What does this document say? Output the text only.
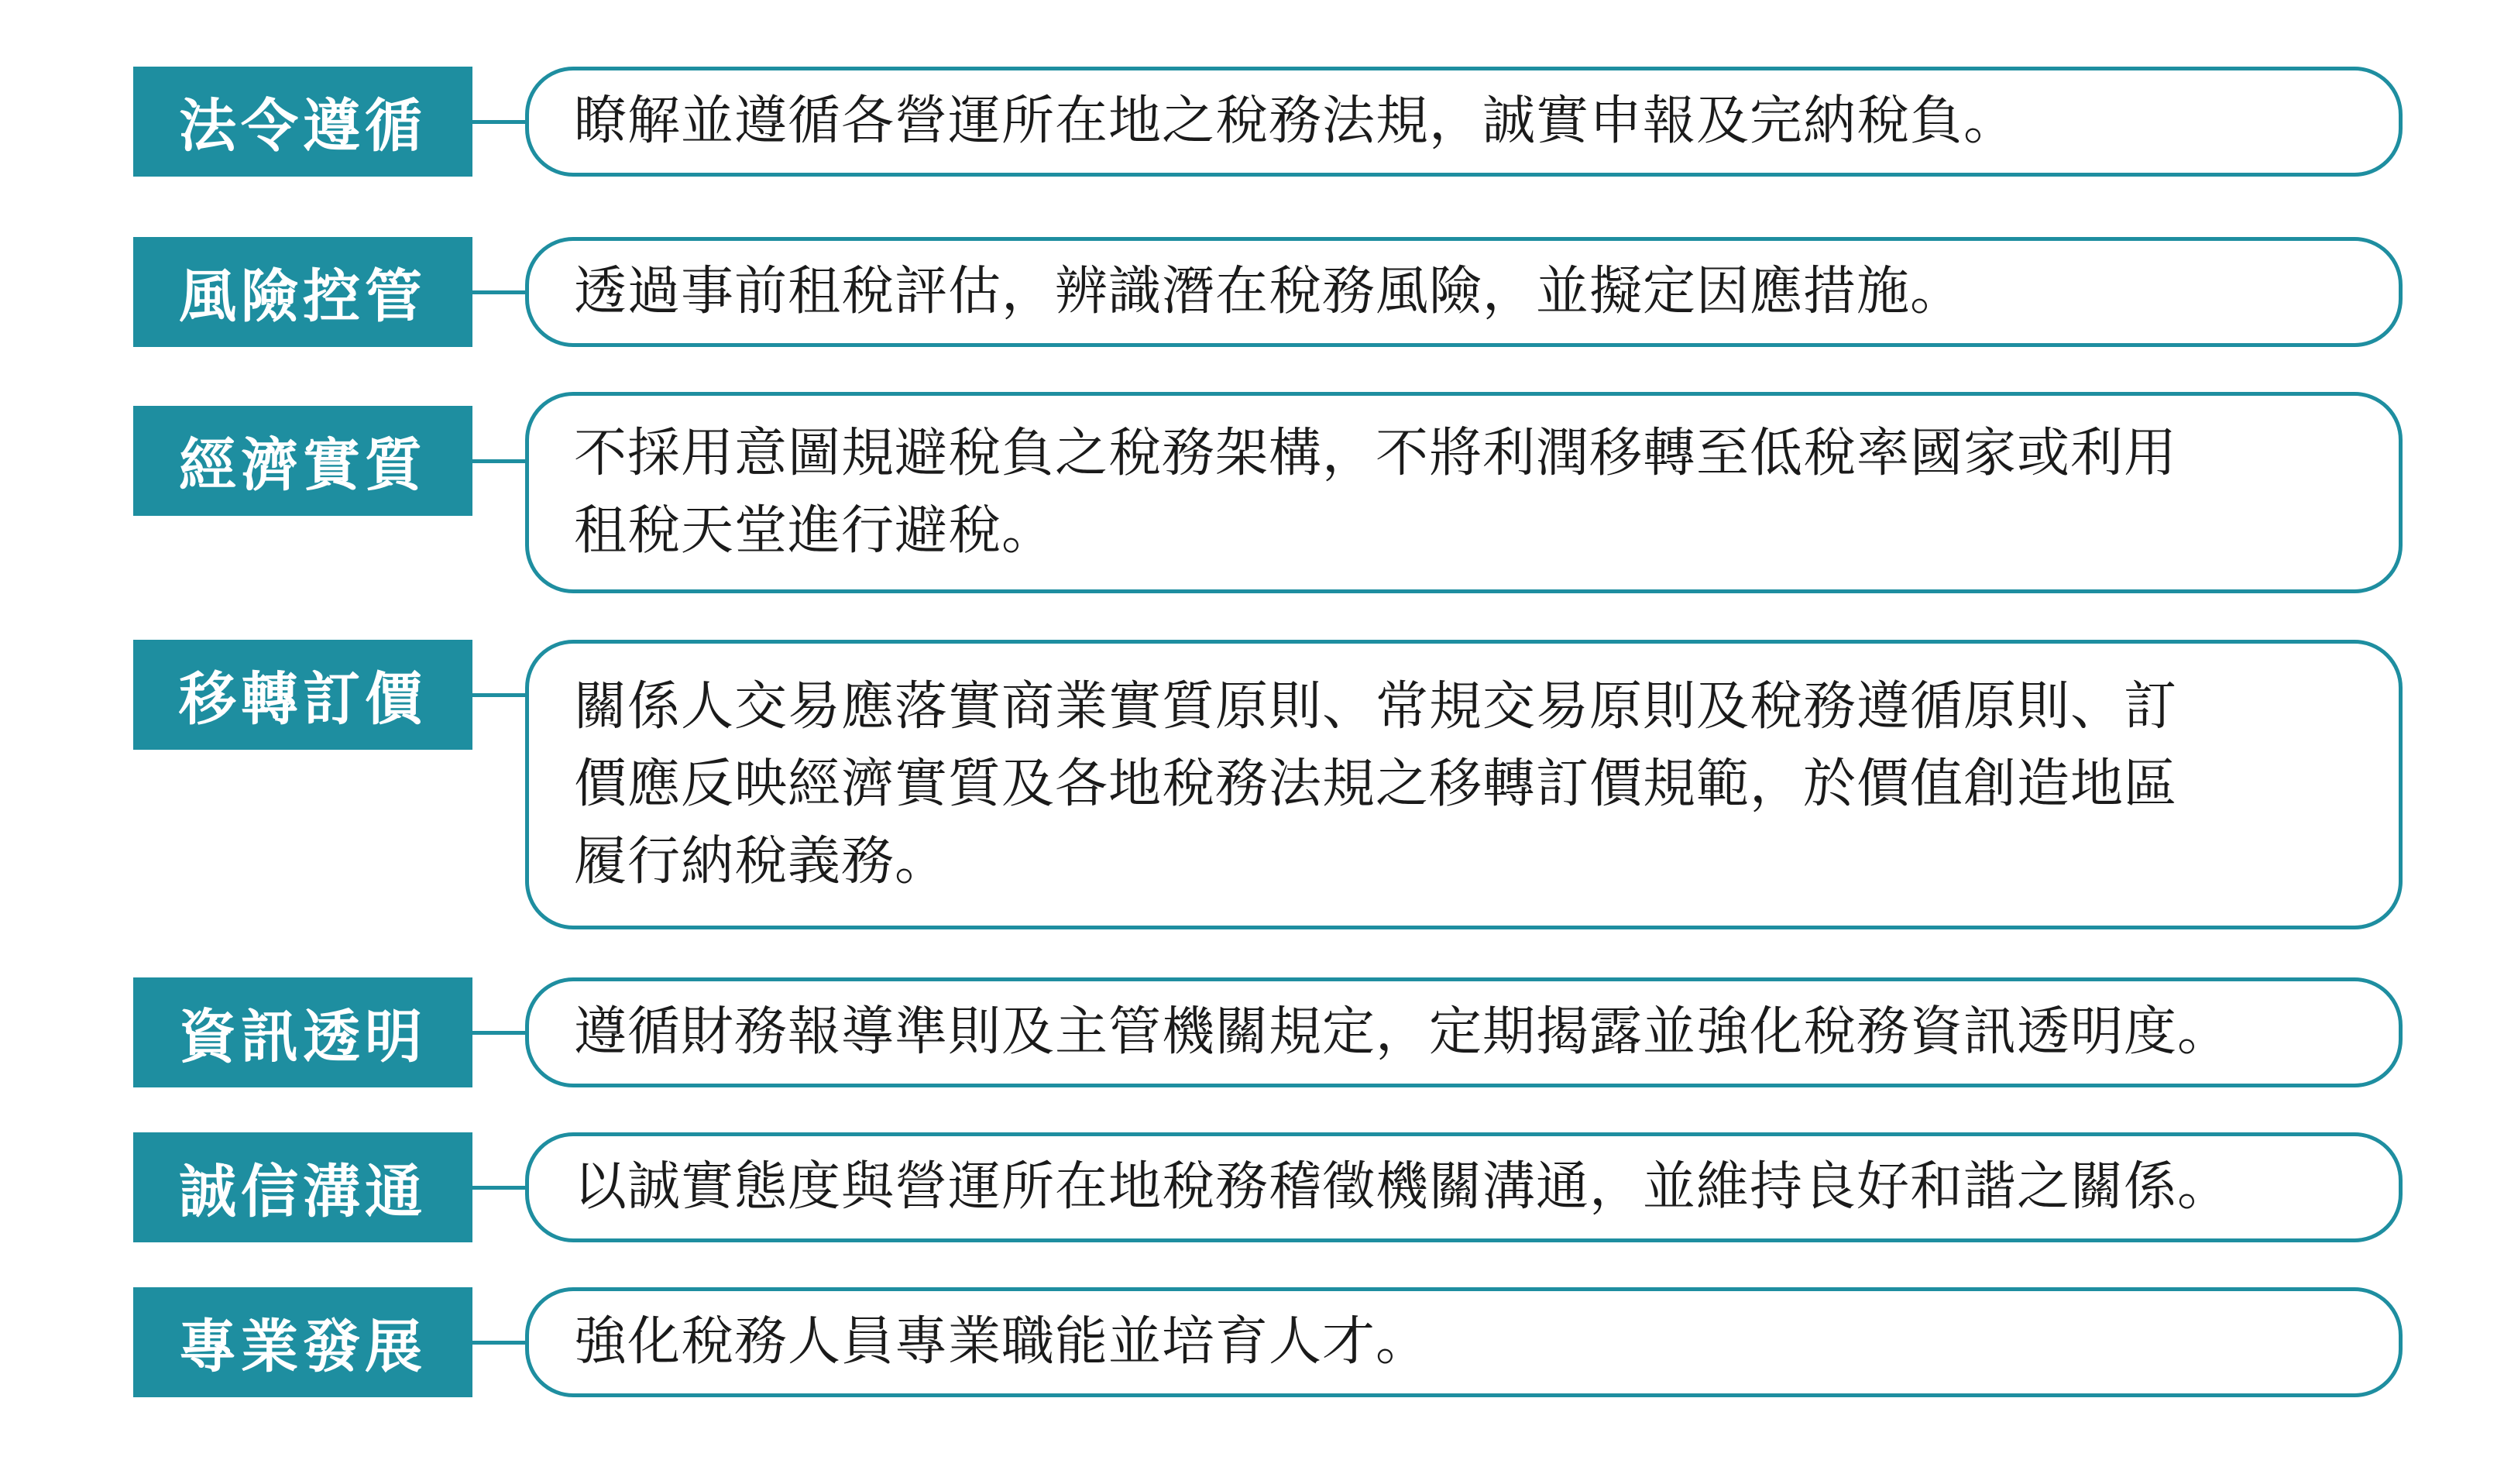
法令遵循	瞭解並遵循各營運所在地之稅務法規，誠實申報及完納稅負。
風險控管	透過事前租稅評估，辨識潛在稅務風險，並擬定因應措施。
經濟實質	不採用意圖規避稅負之稅務架構，不將利潤移轉至低稅率國家或利用
租稅天堂進行避稅。
移轉訂價	關係人交易應落實商業實質原則、常規交易原則及稅務遵循原則、訂
價應反映經濟實質及各地稅務法規之移轉訂價規範，於價值創造地區
履行納稅義務。
資訊透明	遵循財務報導準則及主管機關規定，定期揭露並強化稅務資訊透明度。
誠信溝通	以誠實態度與營運所在地稅務稽徵機關溝通，並維持良好和諧之關係。
專業發展	強化稅務人員專業職能並培育人才。
